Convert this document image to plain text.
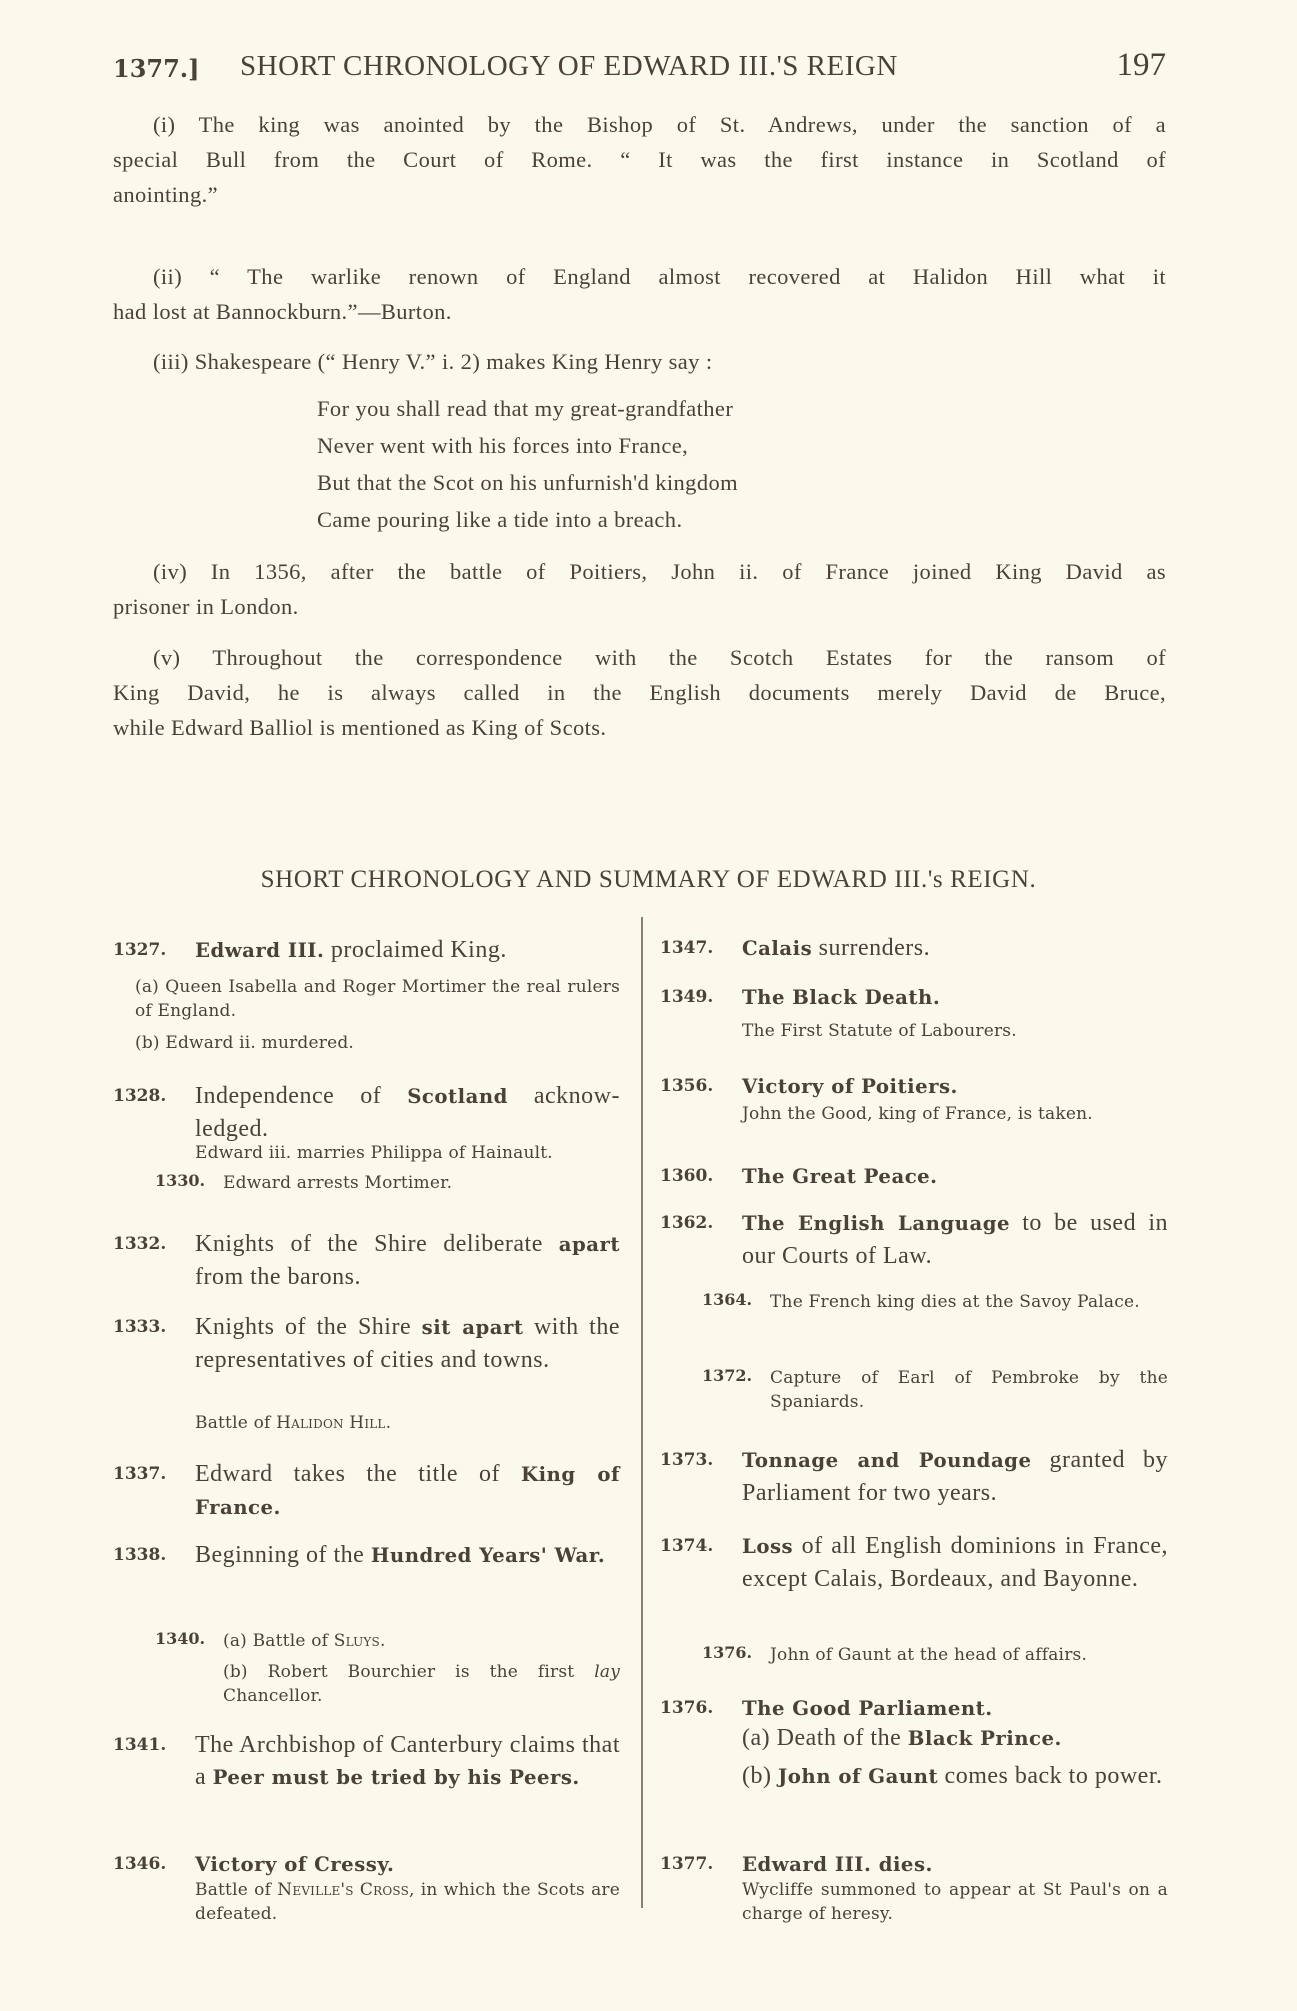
1377.] SHORT CHRONOLOGY OF EDWARD III.'S REIGN	197
(i) The king was anointed by the Bishop of St. Andrews, under the sanction of a
special Bull from the Court of Rome. “ It was the first instance in Scotland of
anointing.”
(ii) “ The warlike renown of England almost recovered at Halidon Hill what it
had lost at Bannockburn.”—Burton.
(iii) Shakespeare (“ Henry V.” i. 2) makes King Henry say :
For you shall read that my great-grandfather
Never went with his forces into France,
But that the Scot on his unfurnish'd kingdom
Came pouring like a tide into a breach.
(iv) In 1356, after the battle of Poitiers, John ii. of France joined King David as
prisoner in London.
(v) Throughout the correspondence with the Scotch Estates for the ransom of
King David, he is always called in the English documents merely David de Bruce,
while Edward Balliol is mentioned as King of Scots.
SHORT CHRONOLOGY AND SUMMARY OF EDWARD III.'s REIGN.
1327. Edward III. proclaimed King.
(a) Queen Isabella and Roger Mortimer the real rulers of England.
(b) Edward ii. murdered.
1328. Independence of Scotland acknow-ledged.
Edward iii. marries Philippa of Hainault.
1330. Edward arrests Mortimer.
1332. Knights of the Shire deliberate apart from the barons.
1333. Knights of the Shire sit apart with the representatives of cities and towns.
Battle of Halidon Hill.
1337. Edward takes the title of King of France.
1338. Beginning of the Hundred Years' War.
1340. (a) Battle of Sluys.
(b) Robert Bourchier is the first lay Chancellor.
1341. The Archbishop of Canterbury claims that a Peer must be tried by his Peers.
1346. Victory of Cressy.
Battle of Neville's Cross, in which the Scots are defeated.
1347. Calais surrenders.
1349. The Black Death.
The First Statute of Labourers.
1356. Victory of Poitiers.
John the Good, king of France, is taken.
1360. The Great Peace.
1362. The English Language to be used in our Courts of Law.
1364. The French king dies at the Savoy Palace.
1372. Capture of Earl of Pembroke by the Spaniards.
1373. Tonnage and Poundage granted by Parliament for two years.
1374. Loss of all English dominions in France, except Calais, Bordeaux, and Bayonne.
1376. John of Gaunt at the head of affairs.
1376. The Good Parliament.
(a) Death of the Black Prince.
(b) John of Gaunt comes back to power.
1377. Edward III. dies.
Wycliffe summoned to appear at St Paul's on a charge of heresy.
